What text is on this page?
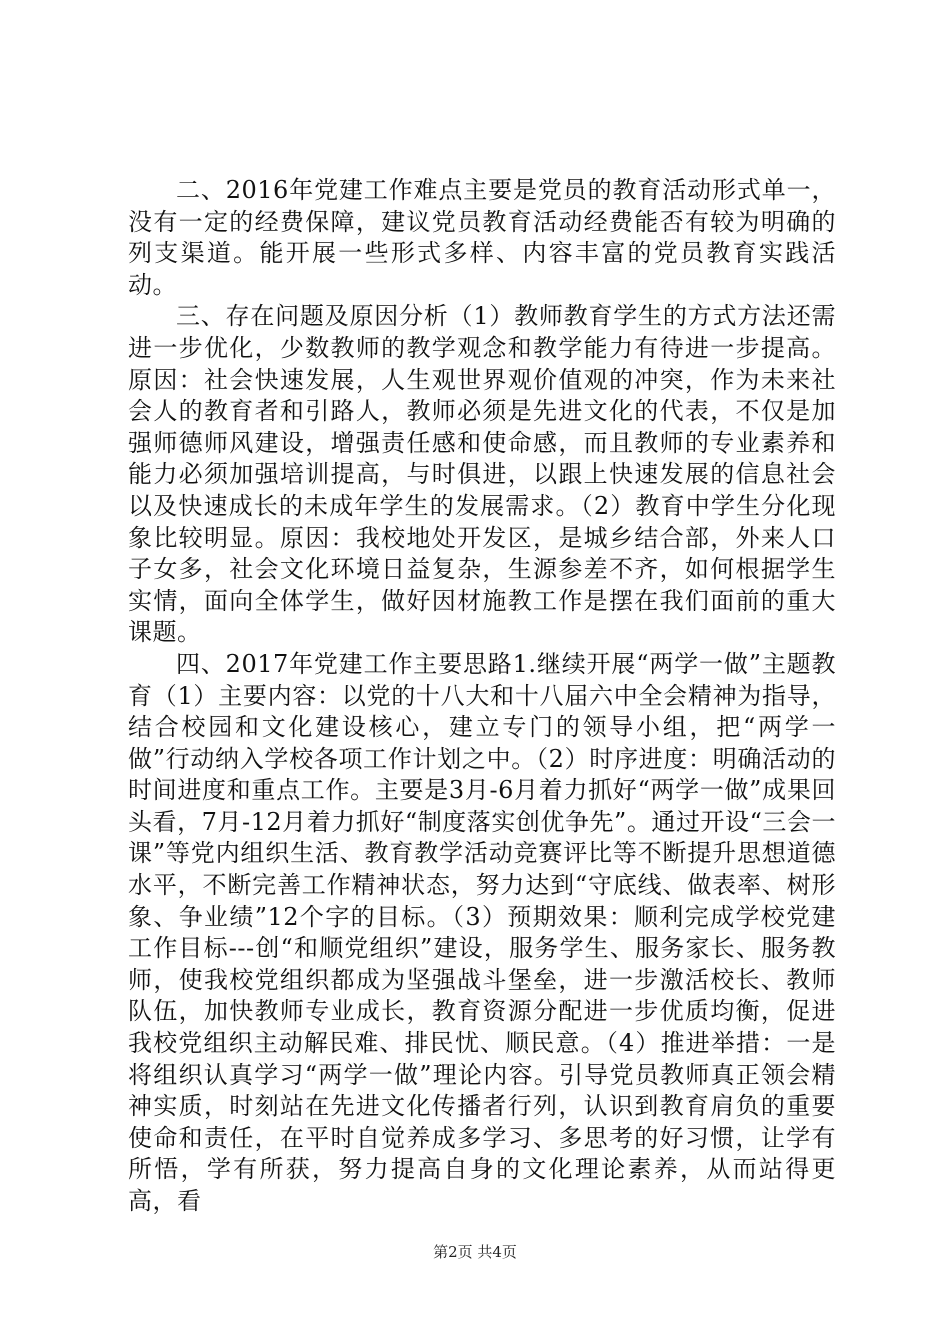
二、2016年党建工作难点主要是党员的教育活动形式单一，没有一定的经费保障，建议党员教育活动经费能否有较为明确的列支渠道。能开展一些形式多样、内容丰富的党员教育实践活动。

三、存在问题及原因分析（1）教师教育学生的方式方法还需进一步优化，少数教师的教学观念和教学能力有待进一步提高。原因：社会快速发展，人生观世界观价值观的冲突，作为未来社会人的教育者和引路人，教师必须是先进文化的代表，不仅是加强师德师风建设，增强责任感和使命感，而且教师的专业素养和能力必须加强培训提高，与时俱进，以跟上快速发展的信息社会以及快速成长的未成年学生的发展需求。（2）教育中学生分化现象比较明显。原因：我校地处开发区，是城乡结合部，外来人口子女多，社会文化环境日益复杂，生源参差不齐，如何根据学生实情，面向全体学生，做好因材施教工作是摆在我们面前的重大课题。

四、2017年党建工作主要思路1.继续开展“两学一做”主题教育（1）主要内容：以党的十八大和十八届六中全会精神为指导，结合校园和文化建设核心，建立专门的领导小组，把“两学一做”行动纳入学校各项工作计划之中。（2）时序进度：明确活动的时间进度和重点工作。主要是3月-6月着力抓好“两学一做”成果回头看，7月-12月着力抓好“制度落实创优争先”。通过开设“三会一课”等党内组织生活、教育教学活动竞赛评比等不断提升思想道德水平，不断完善工作精神状态，努力达到“守底线、做表率、树形象、争业绩”12个字的目标。（3）预期效果：顺利完成学校党建工作目标---创“和顺党组织”建设，服务学生、服务家长、服务教师，使我校党组织都成为坚强战斗堡垒，进一步激活校长、教师队伍，加快教师专业成长，教育资源分配进一步优质均衡，促进我校党组织主动解民难、排民忧、顺民意。（4）推进举措：一是将组织认真学习“两学一做”理论内容。引导党员教师真正领会精神实质，时刻站在先进文化传播者行列，认识到教育肩负的重要使命和责任，在平时自觉养成多学习、多思考的好习惯，让学有所悟，学有所获，努力提高自身的文化理论素养，从而站得更高，看

第2页 共4页
